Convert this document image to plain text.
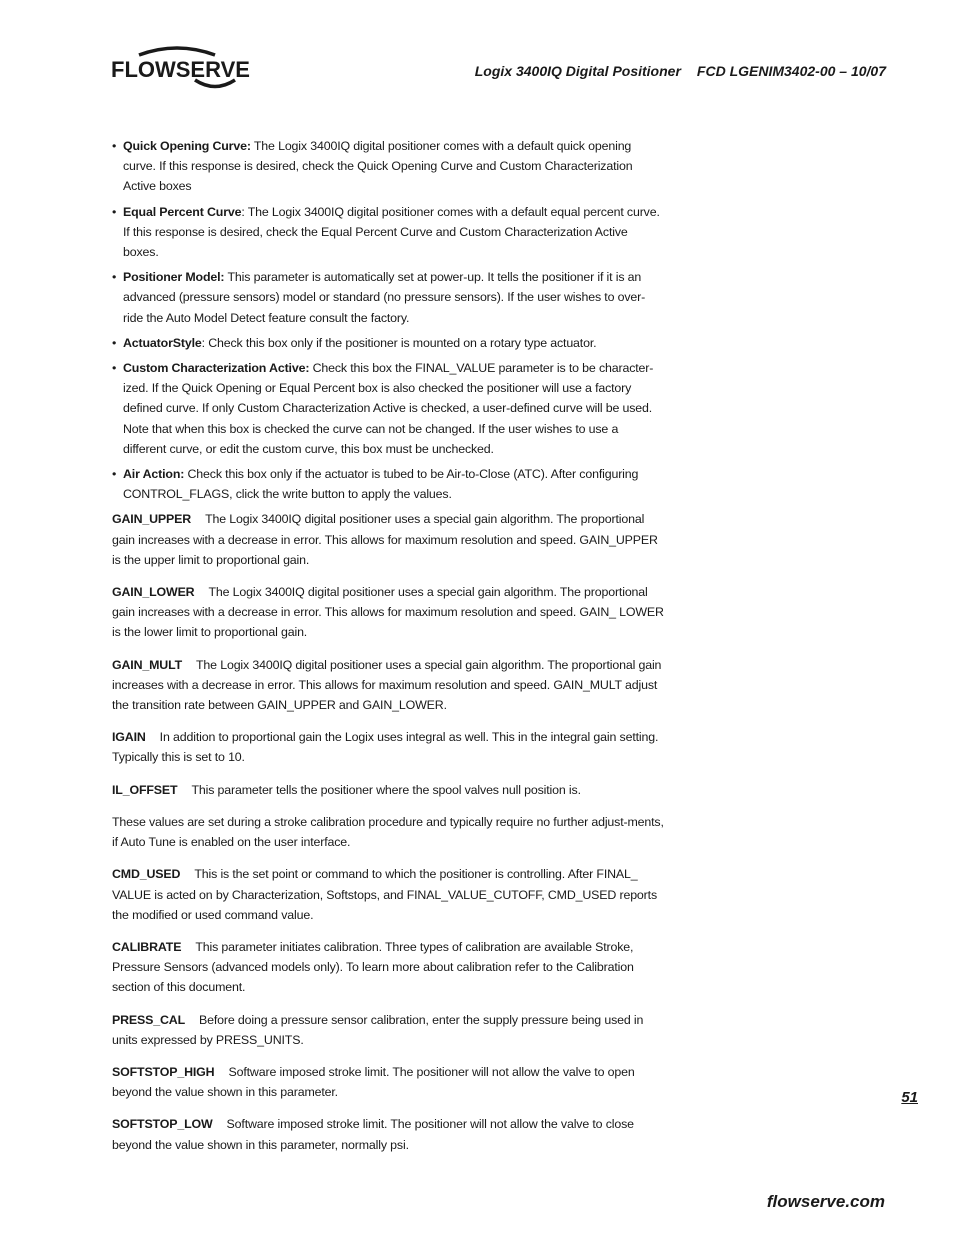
FLOWSERVE	Logix 3400IQ Digital Positioner FCD LGENIM3402-00 – 10/07
• Quick Opening Curve: The Logix 3400IQ digital positioner comes with a default quick opening curve. If this response is desired, check the Quick Opening Curve and Custom Characterization Active boxes
• Equal Percent Curve: The Logix 3400IQ digital positioner comes with a default equal percent curve. If this response is desired, check the Equal Percent Curve and Custom Characterization Active boxes.
• Positioner Model: This parameter is automatically set at power-up. It tells the positioner if it is an advanced (pressure sensors) model or standard (no pressure sensors). If the user wishes to over-ride the Auto Model Detect feature consult the factory.
• ActuatorStyle: Check this box only if the positioner is mounted on a rotary type actuator.
• Custom Characterization Active: Check this box the FINAL_VALUE parameter is to be character-ized. If the Quick Opening or Equal Percent box is also checked the positioner will use a factory defined curve. If only Custom Characterization Active is checked, a user-defined curve will be used. Note that when this box is checked the curve can not be changed. If the user wishes to use a different curve, or edit the custom curve, this box must be unchecked.
• Air Action: Check this box only if the actuator is tubed to be Air-to-Close (ATC). After configuring CONTROL_FLAGS, click the write button to apply the values.

GAIN_UPPER The Logix 3400IQ digital positioner uses a special gain algorithm. The proportional gain increases with a decrease in error. This allows for maximum resolution and speed. GAIN_UPPER is the upper limit to proportional gain.

GAIN_LOWER The Logix 3400IQ digital positioner uses a special gain algorithm. The proportional gain increases with a decrease in error. This allows for maximum resolution and speed. GAIN_ LOWER is the lower limit to proportional gain.

GAIN_MULT The Logix 3400IQ digital positioner uses a special gain algorithm. The proportional gain increases with a decrease in error. This allows for maximum resolution and speed. GAIN_MULT adjust the transition rate between GAIN_UPPER and GAIN_LOWER.

IGAIN In addition to proportional gain the Logix uses integral as well. This in the integral gain setting. Typically this is set to 10.

IL_OFFSET This parameter tells the positioner where the spool valves null position is.

These values are set during a stroke calibration procedure and typically require no further adjust-ments, if Auto Tune is enabled on the user interface.

CMD_USED This is the set point or command to which the positioner is controlling. After FINAL_ VALUE is acted on by Characterization, Softstops, and FINAL_VALUE_CUTOFF, CMD_USED reports the modified or used command value.

CALIBRATE This parameter initiates calibration. Three types of calibration are available Stroke, Pressure Sensors (advanced models only). To learn more about calibration refer to the Calibration section of this document.

PRESS_CAL Before doing a pressure sensor calibration, enter the supply pressure being used in units expressed by PRESS_UNITS.

SOFTSTOP_HIGH Software imposed stroke limit. The positioner will not allow the valve to open beyond the value shown in this parameter.

SOFTSTOP_LOW Software imposed stroke limit. The positioner will not allow the valve to close beyond the value shown in this parameter, normally psi.

51
flowserve.com
